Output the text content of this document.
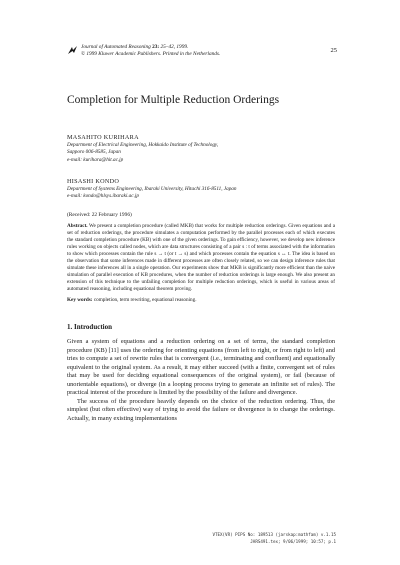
Journal of Automated Reasoning 23: 25–42, 1999.
© 1999 Kluwer Academic Publishers. Printed in the Netherlands.	25
Completion for Multiple Reduction Orderings
MASAHITO KURIHARA
Department of Electrical Engineering, Hokkaido Institute of Technology,
Sapporo 006-8585, Japan
e-mail: kurihara@hit.ac.jp
HISASHI KONDO
Department of Systems Engineering, Ibaraki University, Hitachi 316-8511, Japan
e-mail: kondo@hlsys.ibaraki.ac.jp
(Received: 22 February 1996)

Abstract. We present a completion procedure (called MKB) that works for multiple reduction orderings. Given equations and a set of reduction orderings, the procedure simulates a computation performed by the parallel processes each of which executes the standard completion procedure (KB) with one of the given orderings. To gain efficiency, however, we develop new inference rules working on objects called nodes, which are data structures consisting of a pair s : t of terms associated with the information to show which processes contain the rule s → t (or t → s) and which processes contain the equation s ↔ t. The idea is based on the observation that some inferences made in different processes are often closely related, so we can design inference rules that simulate these inferences all in a single operation. Our experiments show that MKB is significantly more efficient than the naive simulation of parallel execution of KB procedures, when the number of reduction orderings is large enough. We also present an extension of this technique to the unfailing completion for multiple reduction orderings, which is useful in various areas of automated reasoning, including equational theorem proving.

Key words: completion, term rewriting, equational reasoning.
1. Introduction

Given a system of equations and a reduction ordering on a set of terms, the standard completion procedure (KB) [11] uses the ordering for orienting equations (from left to right, or from right to left) and tries to compute a set of rewrite rules that is convergent (i.e., terminating and confluent) and equationally equivalent to the original system. As a result, it may either succeed (with a finite, convergent set of rules that may be used for deciding equational consequences of the original system), or fail (because of unorientable equations), or diverge (in a looping process trying to generate an infinite set of rules). The practical interest of the procedure is limited by the possibility of the failure and divergence.

The success of the procedure heavily depends on the choice of the reduction ordering. Thus, the simplest (but often effective) way of trying to avoid the failure or divergence is to change the orderings. Actually, in many existing implementations

VTEX(VR) PIPS No: 189513 (jarskap:mathfam) v.1.15
JARS491.tex; 9/06/1999; 10:57; p.1
